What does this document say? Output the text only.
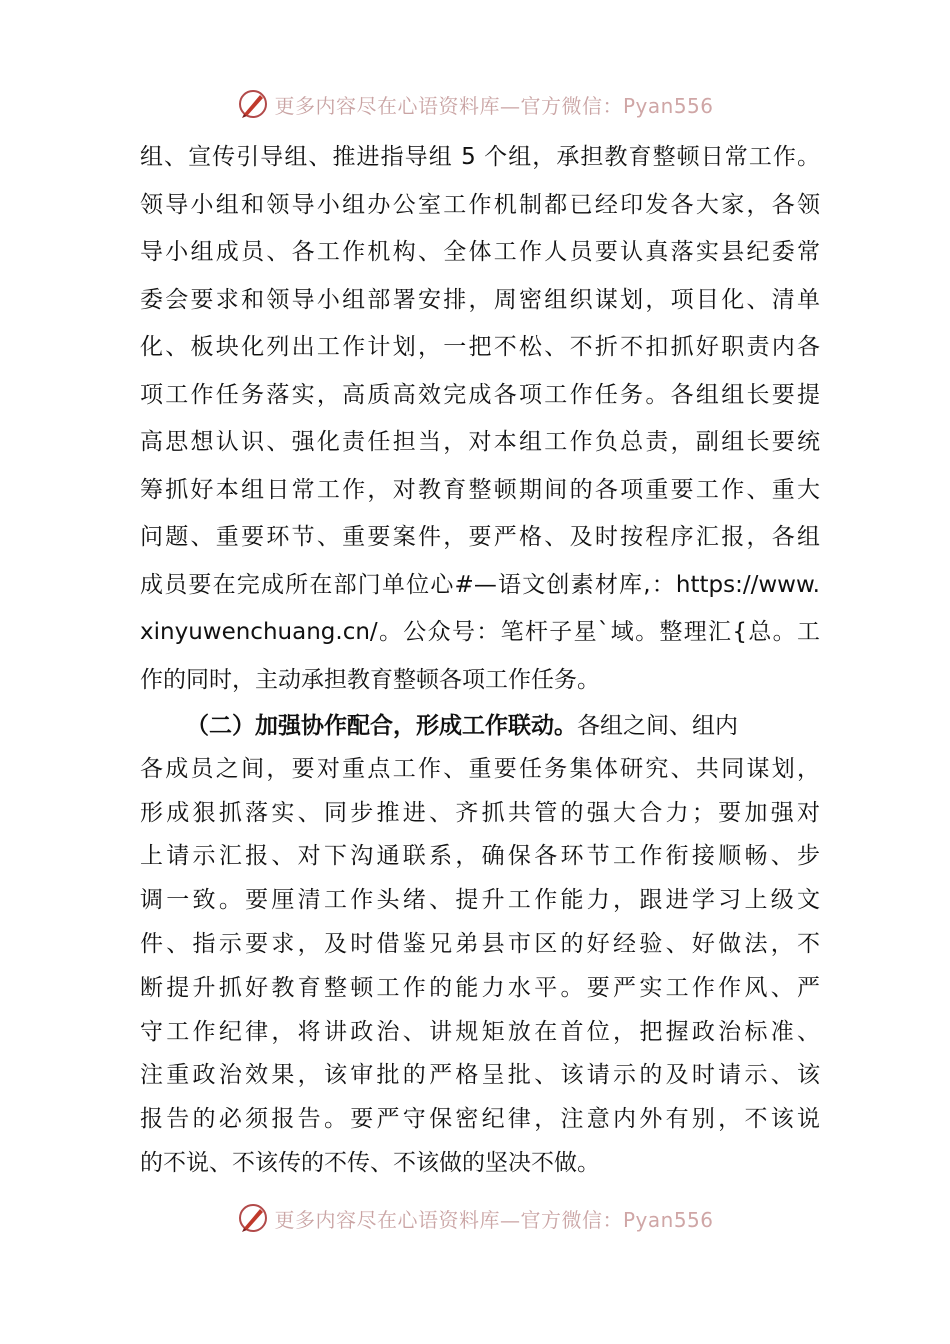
更多内容尽在心语资料库—官方微信：Pyan556
组、宣传引导组、推进指导组 5 个组，承担教育整顿日常工作。
领导小组和领导小组办公室工作机制都已经印发各大家，各领
导小组成员、各工作机构、全体工作人员要认真落实县纪委常
委会要求和领导小组部署安排，周密组织谋划，项目化、清单
化、板块化列出工作计划，一把不松、不折不扣抓好职责内各
项工作任务落实，高质高效完成各项工作任务。各组组长要提
高思想认识、强化责任担当，对本组工作负总责，副组长要统
筹抓好本组日常工作，对教育整顿期间的各项重要工作、重大
问题、重要环节、重要案件，要严格、及时按程序汇报，各组
成员要在完成所在部门单位心#—语文创素材库,：https://www.
xinyuwenchuang.cn/。公众号：笔杆子星`域。整理汇{总。工
作的同时，主动承担教育整顿各项工作任务。
（二）加强协作配合，形成工作联动。各组之间、组内
各成员之间，要对重点工作、重要任务集体研究、共同谋划，
形成狠抓落实、同步推进、齐抓共管的强大合力；要加强对
上请示汇报、对下沟通联系，确保各环节工作衔接顺畅、步
调一致。要厘清工作头绪、提升工作能力，跟进学习上级文
件、指示要求，及时借鉴兄弟县市区的好经验、好做法，不
断提升抓好教育整顿工作的能力水平。要严实工作作风、严
守工作纪律，将讲政治、讲规矩放在首位，把握政治标准、
注重政治效果，该审批的严格呈批、该请示的及时请示、该
报告的必须报告。要严守保密纪律，注意内外有别，不该说
的不说、不该传的不传、不该做的坚决不做。
更多内容尽在心语资料库—官方微信：Pyan556
